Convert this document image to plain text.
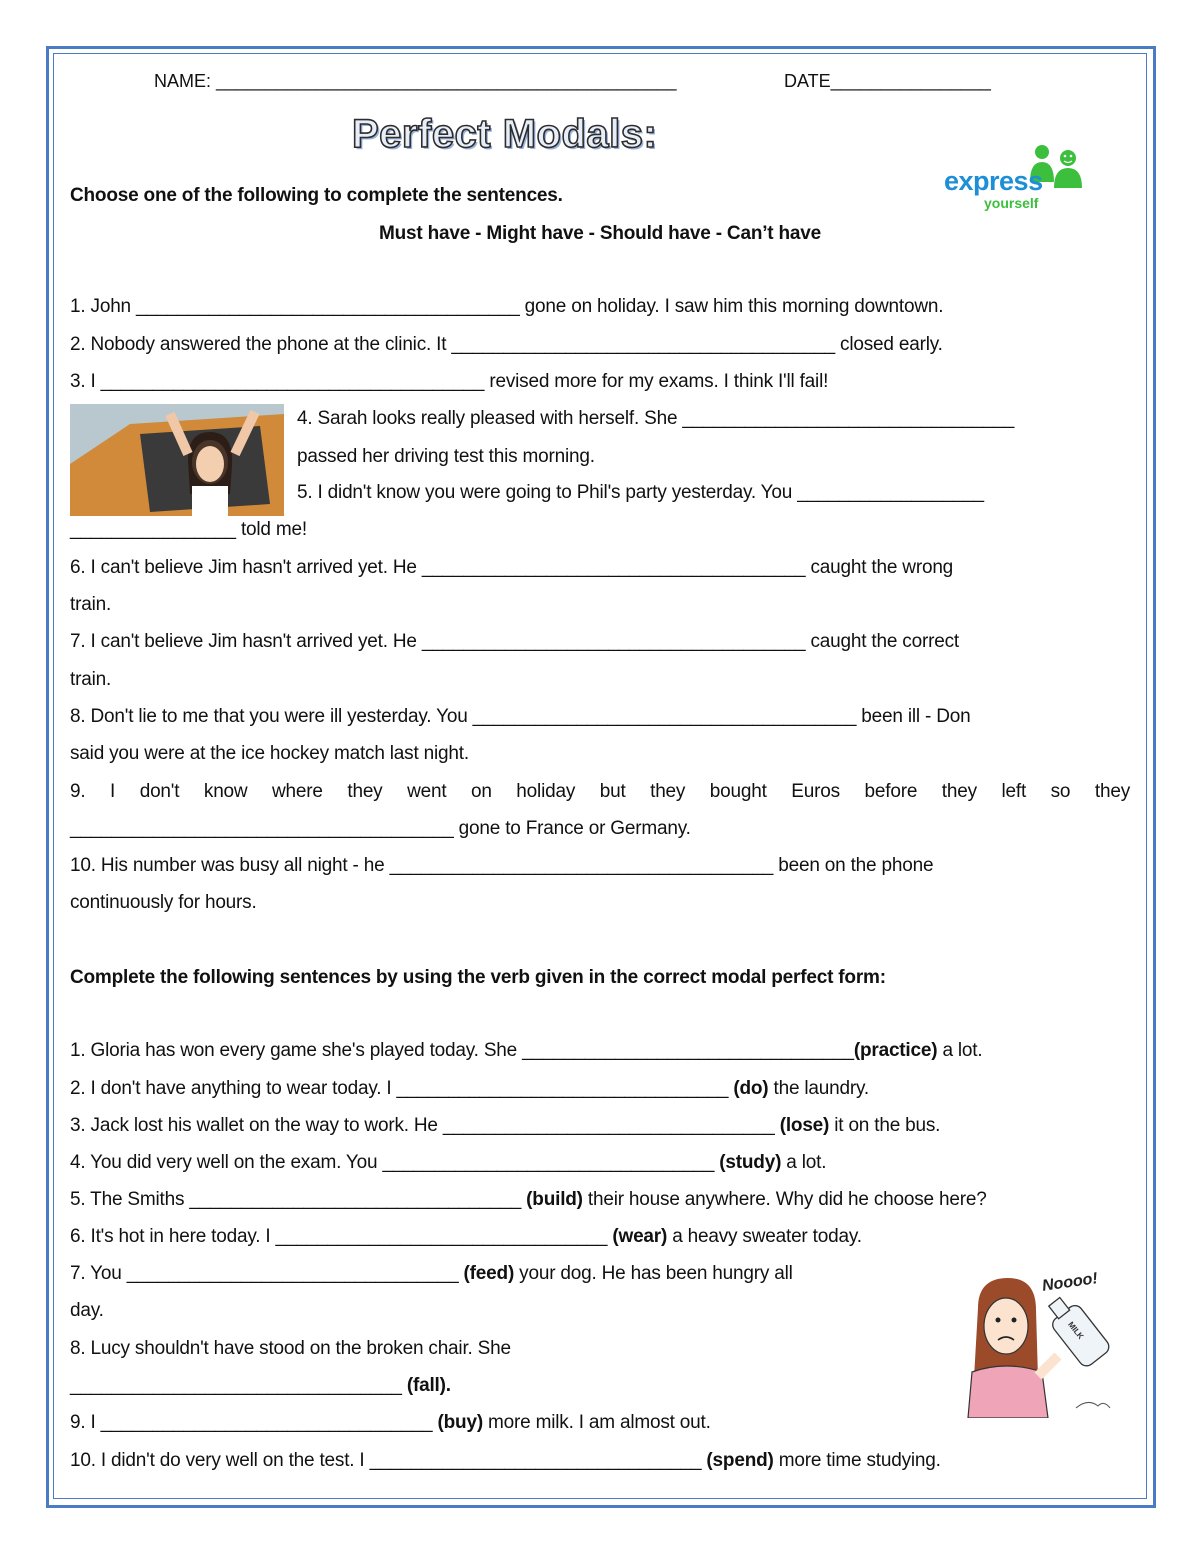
NAME: ______________________________________________	DATE________________
Perfect Modals:
express
yourself
Choose one of the following to complete the sentences.
Must have - Might have - Should have - Can’t have
1. John _____________________________________ gone on holiday. I saw him this morning downtown.
2. Nobody answered the phone at the clinic. It _____________________________________ closed early.
3. I _____________________________________ revised more for my exams. I think I'll fail!
4. Sarah looks really pleased with herself. She ________________________________
passed her driving test this morning.
5. I didn't know you were going to Phil's party yesterday. You __________________
________________ told me!
6. I can't believe Jim hasn't arrived yet. He _____________________________________ caught the wrong
train.
7. I can't believe Jim hasn't arrived yet. He _____________________________________ caught the correct
train.
8. Don't lie to me that you were ill yesterday. You _____________________________________ been ill - Don
said you were at the ice hockey match last night.
9. I don't know where they went on holiday but they bought Euros before they left so they
_____________________________________ gone to France or Germany.
10. His number was busy all night - he _____________________________________ been on the phone
continuously for hours.
Complete the following sentences by using the verb given in the correct modal perfect form:
1. Gloria has won every game she's played today. She ________________________________(practice) a lot.
2. I don't have anything to wear today. I ________________________________ (do) the laundry.
3. Jack lost his wallet on the way to work. He ________________________________ (lose) it on the bus.
4. You did very well on the exam. You ________________________________ (study) a lot.
5. The Smiths ________________________________ (build) their house anywhere. Why did he choose here?
6. It's hot in here today. I ________________________________ (wear) a heavy sweater today.
7. You ________________________________ (feed) your dog. He has been hungry all
day.
8. Lucy shouldn't have stood on the broken chair. She
________________________________ (fall).
9. I ________________________________ (buy) more milk. I am almost out.
10. I didn't do very well on the test. I ________________________________ (spend) more time studying.
Noooo!
MILK
